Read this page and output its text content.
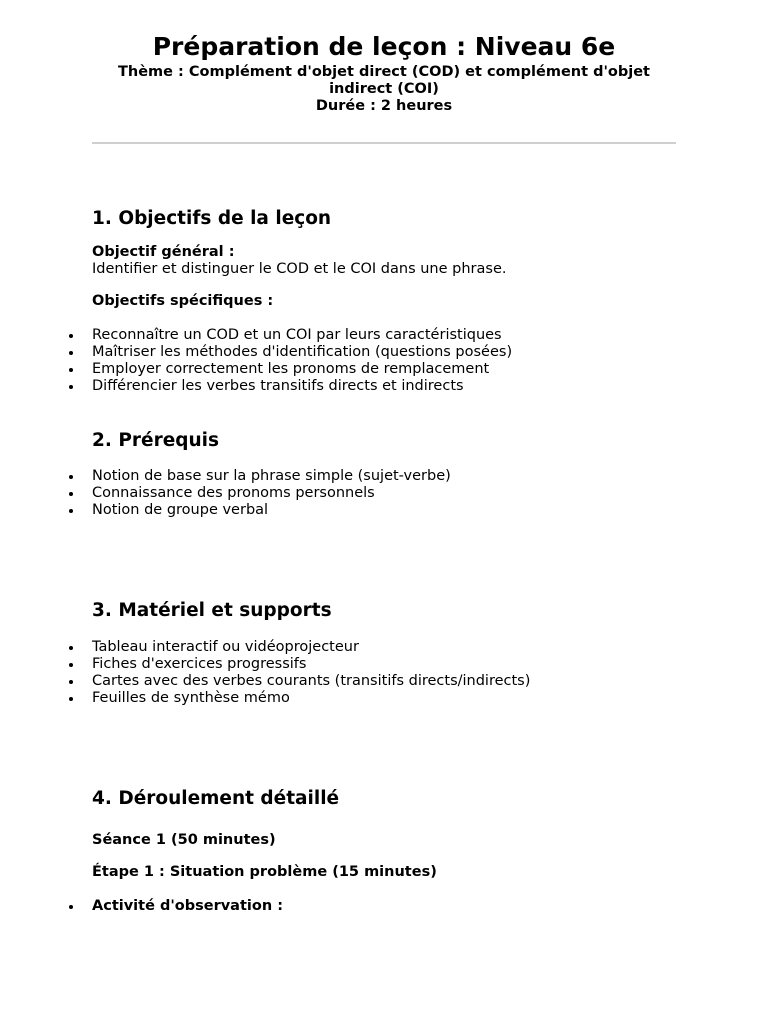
Préparation de leçon : Niveau 6e

Thème : Complément d'objet direct (COD) et complément d'objet indirect (COI)

Durée : 2 heures

1. Objectifs de la leçon

Objectif général :

Identifier et distinguer le COD et le COI dans une phrase.

Objectifs spécifiques :

Reconnaître un COD et un COI par leurs caractéristiques
Maîtriser les méthodes d'identification (questions posées)
Employer correctement les pronoms de remplacement
Différencier les verbes transitifs directs et indirects
2. Prérequis
Notion de base sur la phrase simple (sujet-verbe)
Connaissance des pronoms personnels
Notion de groupe verbal
3. Matériel et supports
Tableau interactif ou vidéoprojecteur
Fiches d'exercices progressifs
Cartes avec des verbes courants (transitifs directs/indirects)
Feuilles de synthèse mémo
4. Déroulement détaillé

Séance 1 (50 minutes)

Étape 1 : Situation problème (15 minutes)

Activité d'observation :
